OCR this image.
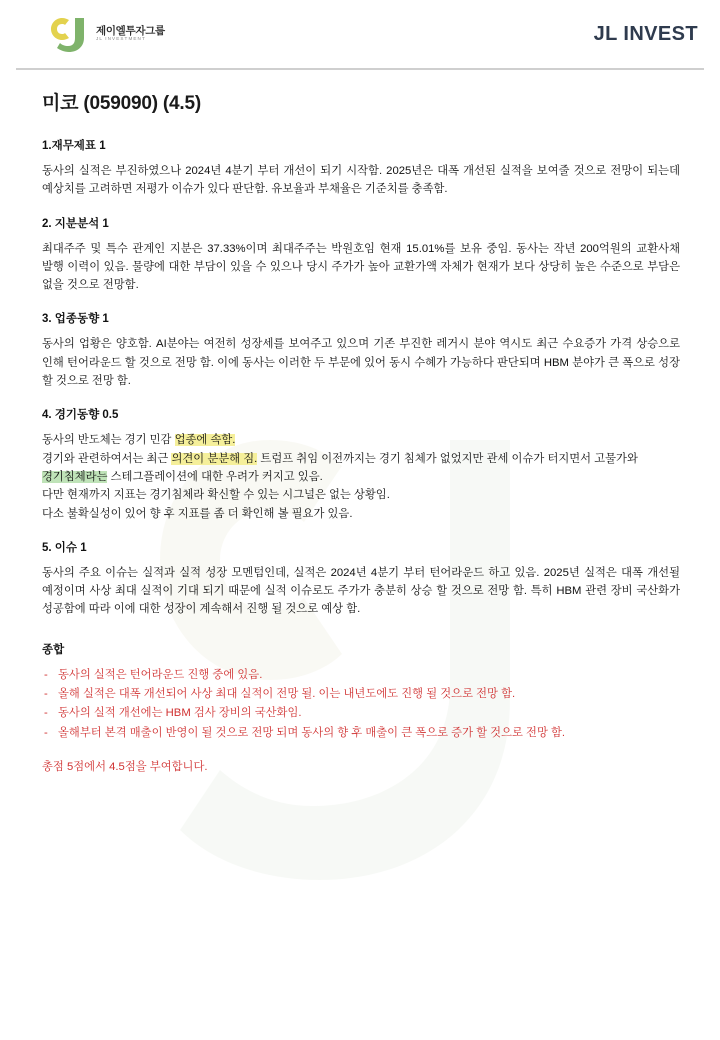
제이엘투자그룹
JL INVESTMENT	JL INVEST
미코 (059090) (4.5)
1.재무제표 1

동사의 실적은 부진하였으나 2024년 4분기 부터 개선이 되기 시작함. 2025년은 대폭 개선된 실적을 보여줄 것으로 전망이 되는데 예상치를 고려하면 저평가 이슈가 있다 판단함. 유보율과 부채율은 기준치를 충족함.

2. 지분분석 1

최대주주 및 특수 관계인 지분은 37.33%이며 최대주주는 박원호임 현재 15.01%를 보유 중임. 동사는 작년 200억원의 교환사채 발행 이력이 있음. 물량에 대한 부담이 있을 수 있으나 당시 주가가 높아 교환가액 자체가 현재가 보다 상당히 높은 수준으로 부담은 없을 것으로 전망함.

3. 업종동향 1

동사의 업황은 양호함. AI분야는 여전히 성장세를 보여주고 있으며 기존 부진한 레거시 분야 역시도 최근 수요증가 가격 상승으로 인해 턴어라운드 할 것으로 전망 함. 이에 동사는 이러한 두 부문에 있어 동시 수혜가 가능하다 판단되며 HBM 분야가 큰 폭으로 성장 할 것으로 전망 함.

4. 경기동향 0.5

동사의 반도체는 경기 민감 업종에 속함.

경기와 관련하여서는 최근 의견이 분분해 짐. 트럼프 취임 이전까지는 경기 침체가 없었지만 관세 이슈가 터지면서 고물가와 경기침체라는 스테그플레이션에 대한 우려가 커지고 있음.

다만 현재까지 지표는 경기침체라 확신할 수 있는 시그널은 없는 상황임.

다소 불확실성이 있어 향 후 지표를 좀 더 확인해 볼 필요가 있음.

5. 이슈 1

동사의 주요 이슈는 실적과 실적 성장 모멘텀인데, 실적은 2024년 4분기 부터 턴어라운드 하고 있음. 2025년 실적은 대폭 개선될 예정이며 사상 최대 실적이 기대 되기 때문에 실적 이슈로도 주가가 충분히 상승 할 것으로 전망 함. 특히 HBM 관련 장비 국산화가 성공함에 따라 이에 대한 성장이 계속해서 진행 될 것으로 예상 함.

종합
- 동사의 실적은 턴어라운드 진행 중에 있음.
- 올해 실적은 대폭 개선되어 사상 최대 실적이 전망 될. 이는 내년도에도 진행 될 것으로 전망 함.
- 동사의 실적 개선에는 HBM 검사 장비의 국산화임.
- 올해부터 본격 매출이 반영이 될 것으로 전망 되며 동사의 향 후 매출이 큰 폭으로 증가 할 것으로 전망 함.
총점 5점에서 4.5점을 부여합니다.
